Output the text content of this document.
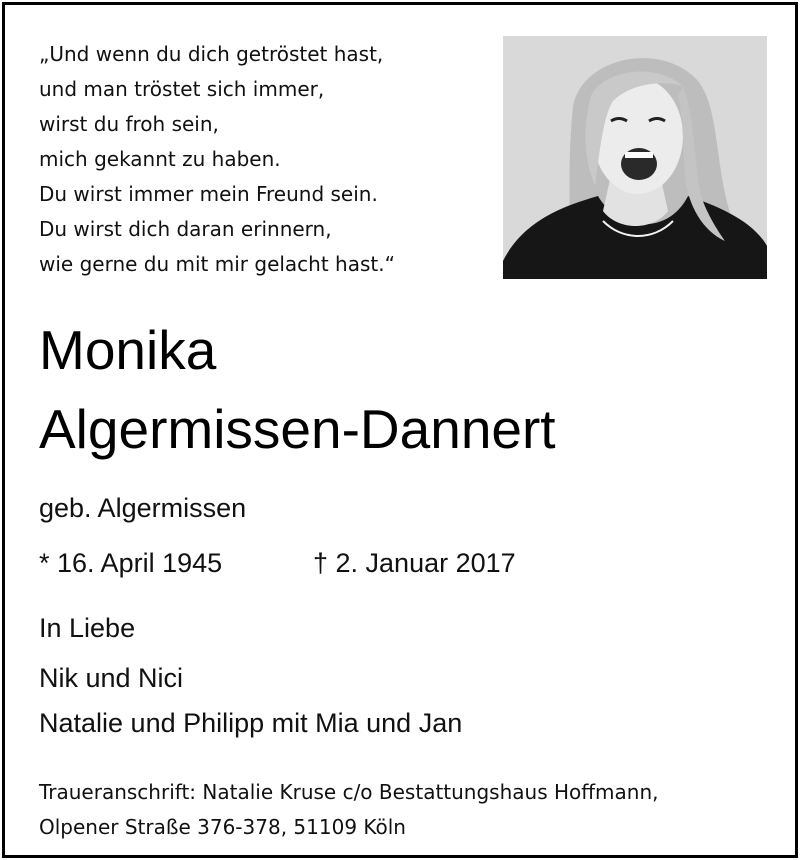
„Und wenn du dich getröstet hast,
und man tröstet sich immer,
wirst du froh sein,
mich gekannt zu haben.
Du wirst immer mein Freund sein.
Du wirst dich daran erinnern,
wie gerne du mit mir gelacht hast.“
Monika
Algermissen-Dannert
geb. Algermissen
* 16. April 1945	† 2. Januar 2017
In Liebe
Nik und Nici
Natalie und Philipp mit Mia und Jan
Traueranschrift: Natalie Kruse c/o Bestattungshaus Hoffmann,
Olpener Straße 376-378, 51109 Köln
